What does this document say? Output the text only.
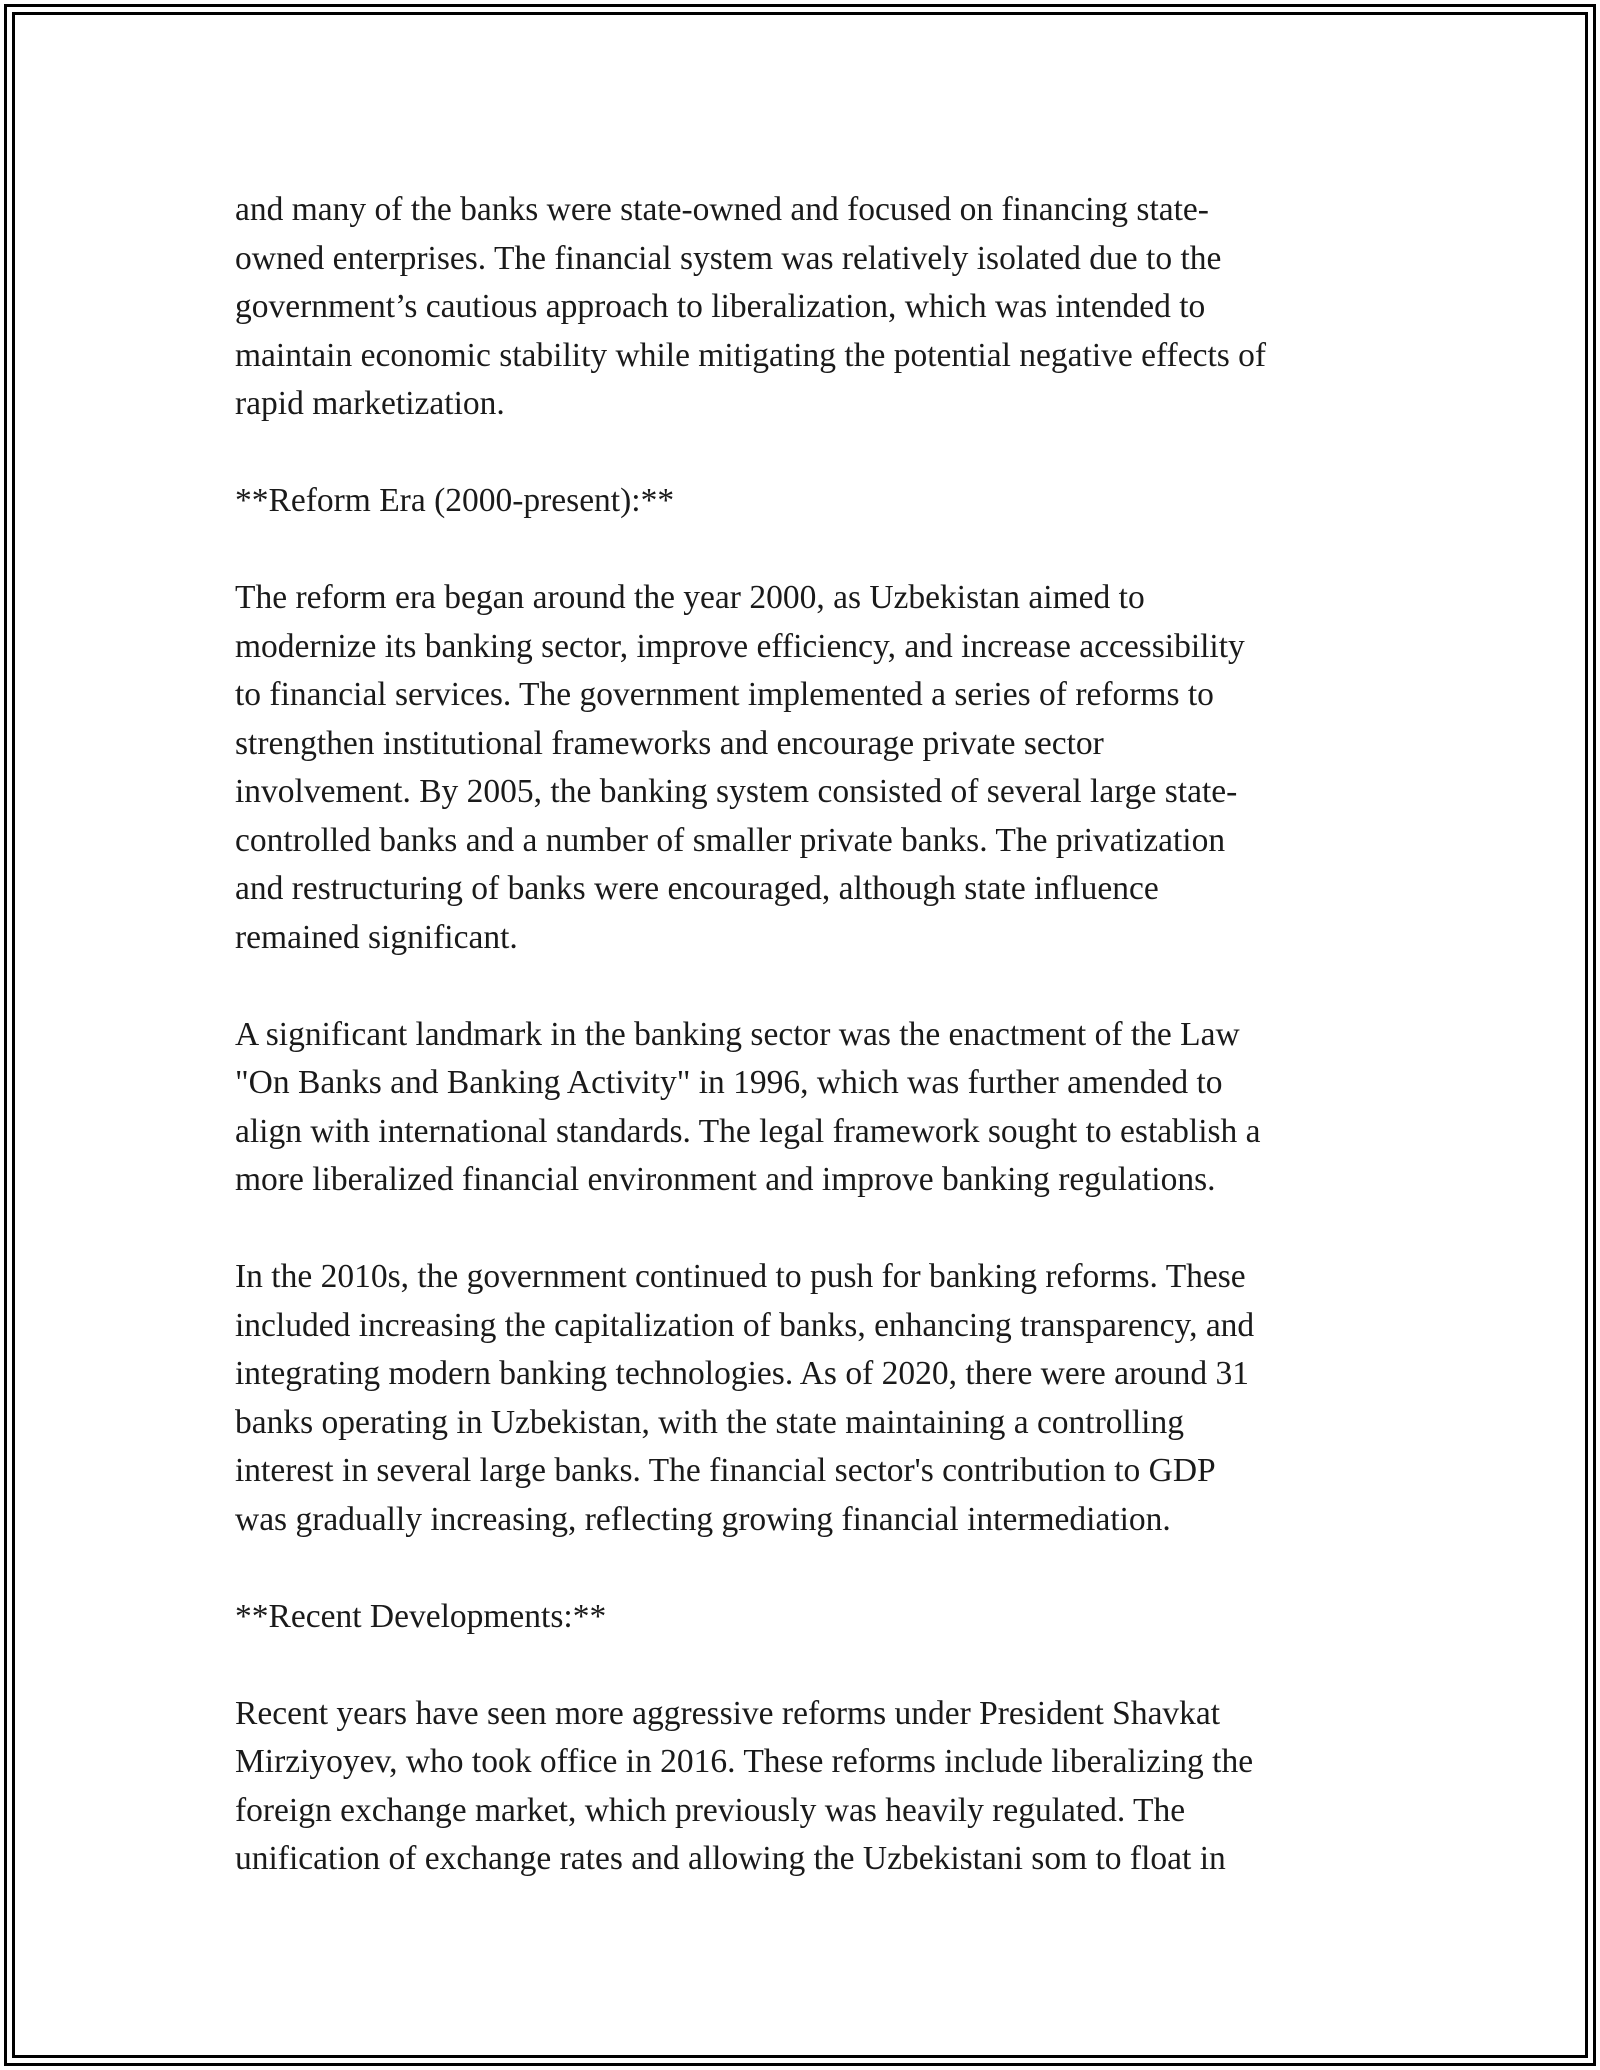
and many of the banks were state-owned and focused on financing state-
owned enterprises. The financial system was relatively isolated due to the
government’s cautious approach to liberalization, which was intended to
maintain economic stability while mitigating the potential negative effects of
rapid marketization.

**Reform Era (2000-present):**

The reform era began around the year 2000, as Uzbekistan aimed to
modernize its banking sector, improve efficiency, and increase accessibility
to financial services. The government implemented a series of reforms to
strengthen institutional frameworks and encourage private sector
involvement. By 2005, the banking system consisted of several large state-
controlled banks and a number of smaller private banks. The privatization
and restructuring of banks were encouraged, although state influence
remained significant.

A significant landmark in the banking sector was the enactment of the Law
"On Banks and Banking Activity" in 1996, which was further amended to
align with international standards. The legal framework sought to establish a
more liberalized financial environment and improve banking regulations.

In the 2010s, the government continued to push for banking reforms. These
included increasing the capitalization of banks, enhancing transparency, and
integrating modern banking technologies. As of 2020, there were around 31
banks operating in Uzbekistan, with the state maintaining a controlling
interest in several large banks. The financial sector's contribution to GDP
was gradually increasing, reflecting growing financial intermediation.

**Recent Developments:**

Recent years have seen more aggressive reforms under President Shavkat
Mirziyoyev, who took office in 2016. These reforms include liberalizing the
foreign exchange market, which previously was heavily regulated. The
unification of exchange rates and allowing the Uzbekistani som to float in
